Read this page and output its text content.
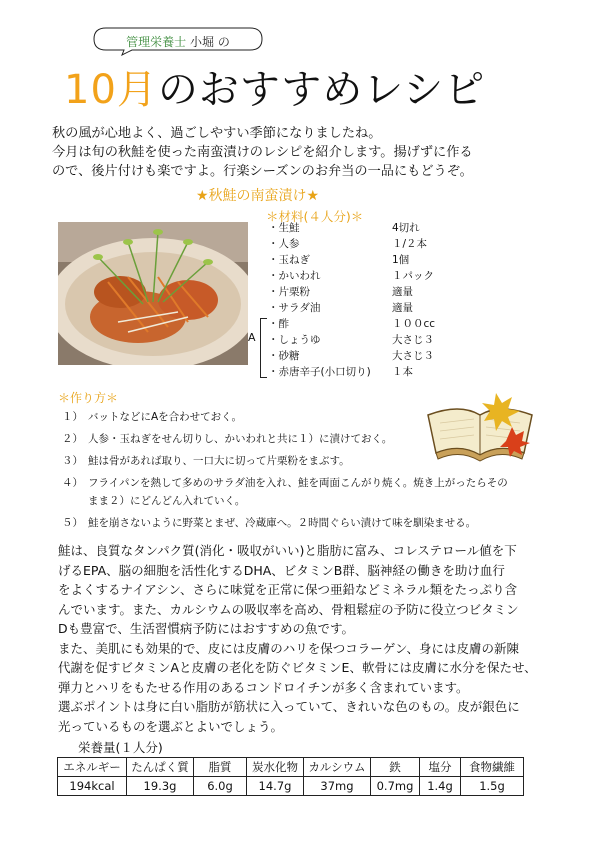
管理栄養士 小堀 の
10月のおすすめレシピ

秋の風が心地よく、過ごしやすい季節になりましたね。

今月は旬の秋鮭を使った南蛮漬けのレシピを紹介します。揚げずに作る

ので、後片付けも楽ですよ。行楽シーズンのお弁当の一品にもどうぞ。

★秋鮭の南蛮漬け★
＊材料(４人分)＊
・生鮭	4切れ
・人参	１/２本
・玉ねぎ	1個
・かいわれ	１パック
・片栗粉	適量
・サラダ油	適量
・酢	１００cc
・しょうゆ	大さじ３
・砂糖	大さじ３
・赤唐辛子(小口切り) １本
A
＊作り方＊
１） バットなどにAを合わせておく。
２） 人参・玉ねぎをせん切りし、かいわれと共に１）に漬けておく。
３） 鮭は骨があれば取り、一口大に切って片栗粉をまぶす。
４） フライパンを熱して多めのサラダ油を入れ、鮭を両面こんがり焼く。焼き上がったらその
まま２）にどんどん入れていく。
５） 鮭を崩さないように野菜とまぜ、冷蔵庫へ。２時間ぐらい漬けて味を馴染ませる。

鮭は、良質なタンパク質(消化・吸収がいい)と脂肪に富み、コレステロール値を下

げるEPA、脳の細胞を活性化するDHA、ビタミンB群、脳神経の働きを助け血行

をよくするナイアシン、さらに味覚を正常に保つ亜鉛などミネラル類をたっぷり含

んでいます。また、カルシウムの吸収率を高め、骨粗鬆症の予防に役立つビタミン

Dも豊富で、生活習慣病予防にはおすすめの魚です。

また、美肌にも効果的で、皮には皮膚のハリを保つコラーゲン、身には皮膚の新陳

代謝を促すビタミンAと皮膚の老化を防ぐビタミンE、軟骨には皮膚に水分を保たせ、

弾力とハリをもたせる作用のあるコンドロイチンが多く含まれています。

選ぶポイントは身に白い脂肪が筋状に入っていて、きれいな色のもの。皮が銀色に

光っているものを選ぶとよいでしょう。

栄養量(１人分)
エネルギー	たんぱく質	脂質	炭水化物	カルシウム	鉄	塩分	食物繊維
194kcal	19.3g	6.0g	14.7g	37mg	0.7mg	1.4g	1.5g
